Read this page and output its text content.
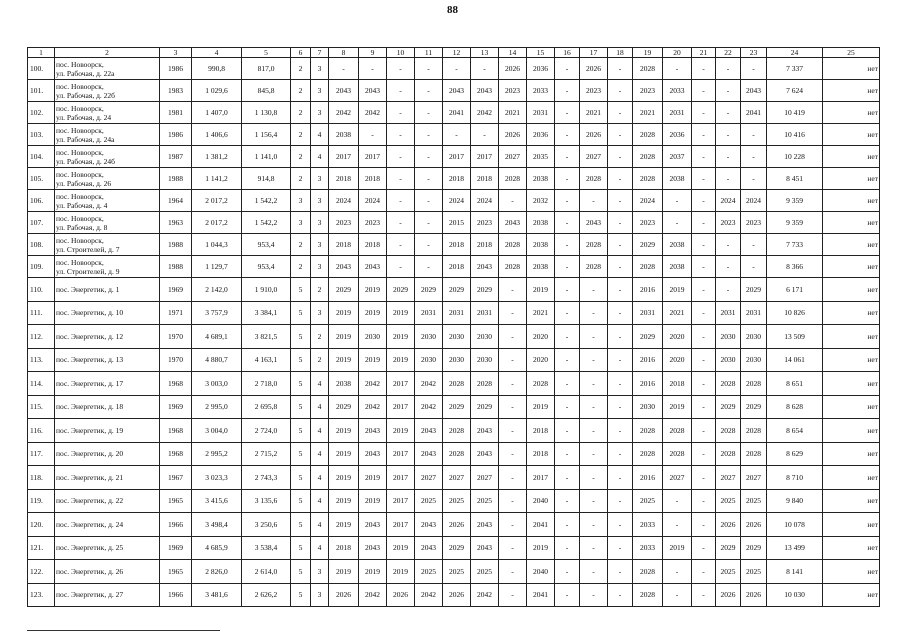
88
1	2	3	4	5	6	7	8	9	10	11	12	13	14	15	16	17	18	19	20	21	22	23	24	25
100.	пос. Новоорск,
ул. Рабочая, д. 22а	1986	990,8	817,0	2	3	-	-	-	-	-	-	2026	2036	-	2026	-	2028	-	-	-	-	7 337	нет
101.	пос. Новоорск,
ул. Рабочая, д. 22б	1983	1 029,6	845,8	2	3	2043	2043	-	-	2043	2043	2023	2033	-	2023	-	2023	2033	-	-	2043	7 624	нет
102.	пос. Новоорск,
ул. Рабочая, д. 24	1981	1 407,0	1 130,8	2	3	2042	2042	-	-	2041	2042	2021	2031	-	2021	-	2021	2031	-	-	2041	10 419	нет
103.	пос. Новоорск,
ул. Рабочая, д. 24а	1986	1 406,6	1 156,4	2	4	2038	-	-	-	-	-	2026	2036	-	2026	-	2028	2036	-	-	-	10 416	нет
104.	пос. Новоорск,
ул. Рабочая, д. 24б	1987	1 381,2	1 141,0	2	4	2017	2017	-	-	2017	2017	2027	2035	-	2027	-	2028	2037	-	-	-	10 228	нет
105.	пос. Новоорск,
ул. Рабочая, д. 26	1988	1 141,2	914,8	2	3	2018	2018	-	-	2018	2018	2028	2038	-	2028	-	2028	2038	-	-	-	8 451	нет
106.	пос. Новоорск,
ул. Рабочая, д. 4	1964	2 017,2	1 542,2	3	3	2024	2024	-	-	2024	2024	-	2032	-	-	-	2024	-	-	2024	2024	9 359	нет
107.	пос. Новоорск,
ул. Рабочая, д. 8	1963	2 017,2	1 542,2	3	3	2023	2023	-	-	2015	2023	2043	2038	-	2043	-	2023	-	-	2023	2023	9 359	нет
108.	пос. Новоорск,
ул. Строителей, д. 7	1988	1 044,3	953,4	2	3	2018	2018	-	-	2018	2018	2028	2038	-	2028	-	2029	2038	-	-	-	7 733	нет
109.	пос. Новоорск,
ул. Строителей, д. 9	1988	1 129,7	953,4	2	3	2043	2043	-	-	2018	2043	2028	2038	-	2028	-	2028	2038	-	-	-	8 366	нет
110.	пос. Энергетик, д. 1	1969	2 142,0	1 910,0	5	2	2029	2019	2029	2029	2029	2029	-	2019	-	-	-	2016	2019	-	-	2029	6 171	нет
111.	пос. Энергетик, д. 10	1971	3 757,9	3 384,1	5	3	2019	2019	2019	2031	2031	2031	-	2021	-	-	-	2031	2021	-	2031	2031	10 826	нет
112.	пос. Энергетик, д. 12	1970	4 689,1	3 821,5	5	2	2019	2030	2019	2030	2030	2030	-	2020	-	-	-	2029	2020	-	2030	2030	13 509	нет
113.	пос. Энергетик, д. 13	1970	4 880,7	4 163,1	5	2	2019	2019	2019	2030	2030	2030	-	2020	-	-	-	2016	2020	-	2030	2030	14 061	нет
114.	пос. Энергетик, д. 17	1968	3 003,0	2 718,0	5	4	2038	2042	2017	2042	2028	2028	-	2028	-	-	-	2016	2018	-	2028	2028	8 651	нет
115.	пос. Энергетик, д. 18	1969	2 995,0	2 695,8	5	4	2029	2042	2017	2042	2029	2029	-	2019	-	-	-	2030	2019	-	2029	2029	8 628	нет
116.	пос. Энергетик, д. 19	1968	3 004,0	2 724,0	5	4	2019	2043	2019	2043	2028	2043	-	2018	-	-	-	2028	2028	-	2028	2028	8 654	нет
117.	пос. Энергетик, д. 20	1968	2 995,2	2 715,2	5	4	2019	2043	2017	2043	2028	2043	-	2018	-	-	-	2028	2028	-	2028	2028	8 629	нет
118.	пос. Энергетик, д. 21	1967	3 023,3	2 743,3	5	4	2019	2019	2017	2027	2027	2027	-	2017	-	-	-	2016	2027	-	2027	2027	8 710	нет
119.	пос. Энергетик, д. 22	1965	3 415,6	3 135,6	5	4	2019	2019	2017	2025	2025	2025	-	2040	-	-	-	2025	-	-	2025	2025	9 840	нет
120.	пос. Энергетик, д. 24	1966	3 498,4	3 250,6	5	4	2019	2043	2017	2043	2026	2043	-	2041	-	-	-	2033	-	-	2026	2026	10 078	нет
121.	пос. Энергетик, д. 25	1969	4 685,9	3 538,4	5	4	2018	2043	2019	2043	2029	2043	-	2019	-	-	-	2033	2019	-	2029	2029	13 499	нет
122.	пос. Энергетик, д. 26	1965	2 826,0	2 614,0	5	3	2019	2019	2019	2025	2025	2025	-	2040	-	-	-	2028	-	-	2025	2025	8 141	нет
123.	пос. Энергетик, д. 27	1966	3 481,6	2 626,2	5	3	2026	2042	2026	2042	2026	2042	-	2041	-	-	-	2028	-	-	2026	2026	10 030	нет
